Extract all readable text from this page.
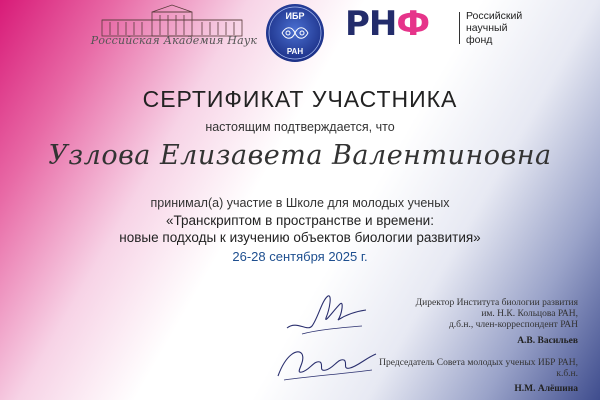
Российская Академия Наук
ИБР
РАН
РНФ	Российский
научный
фонд
СЕРТИФИКАТ УЧАСТНИКА
настоящим подтверждается, что
Узлова Елизавета Валентиновна
принимал(а) участие в Школе для молодых ученых
«Транскриптом в пространстве и времени:
новые подходы к изучению объектов биологии развития»
26-28 сентября 2025 г.
Директор Института биологии развития
им. Н.К. Кольцова РАН,
д.б.н., член-корреспондент РАН
А.В. Васильев
Председатель Совета молодых ученых ИБР РАН,
к.б.н.
Н.М. Алёшина
